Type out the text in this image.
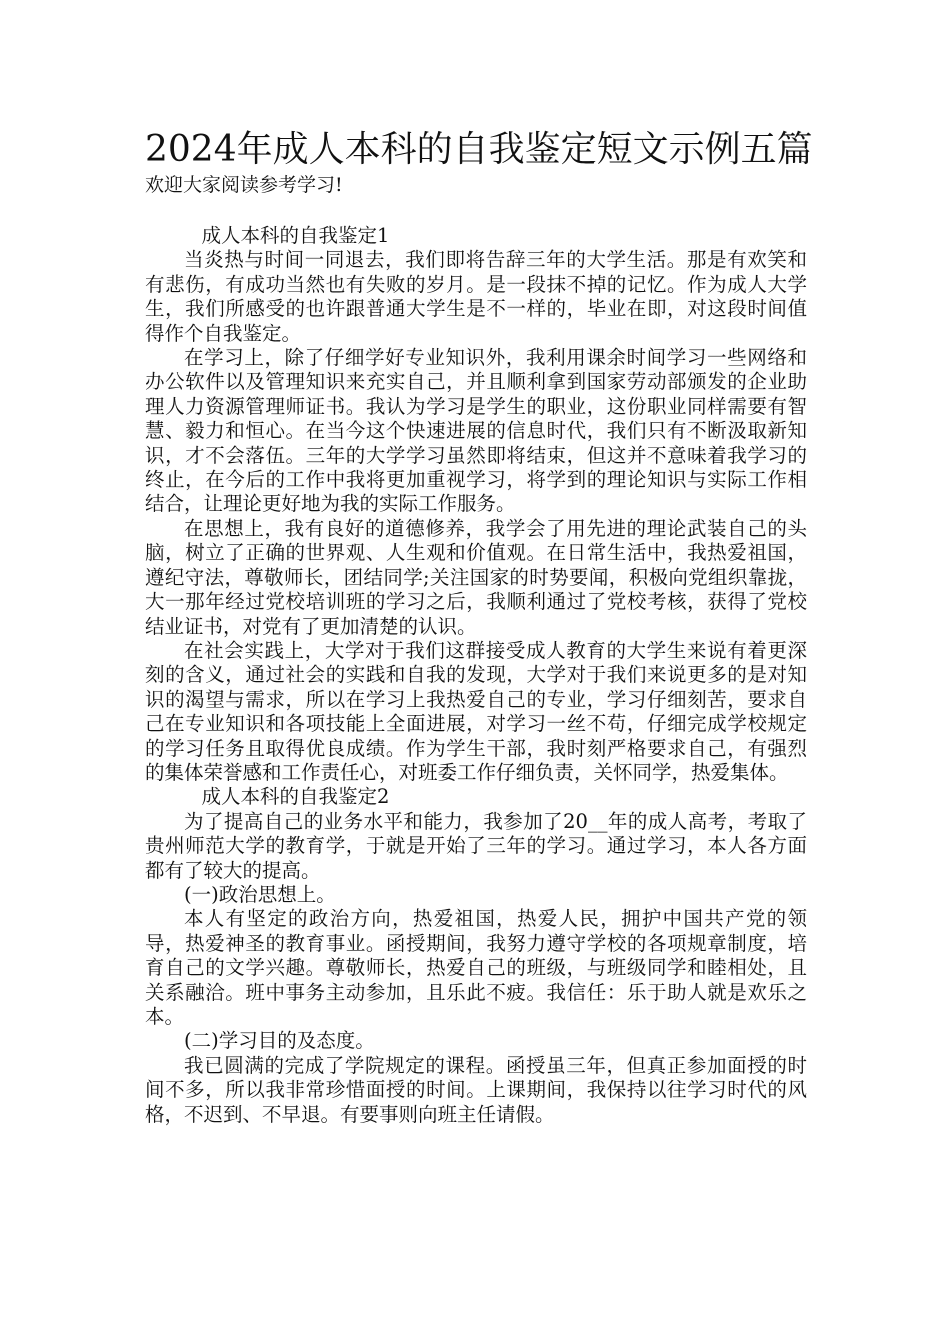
2024年成人本科的自我鉴定短文示例五篇
欢迎大家阅读参考学习!

成人本科的自我鉴定1

当炎热与时间一同退去，我们即将告辞三年的大学生活。那是有欢笑和有悲伤，有成功当然也有失败的岁月。是一段抹不掉的记忆。作为成人大学生，我们所感受的也许跟普通大学生是不一样的，毕业在即，对这段时间值得作个自我鉴定。

在学习上，除了仔细学好专业知识外，我利用课余时间学习一些网络和办公软件以及管理知识来充实自己，并且顺利拿到国家劳动部颁发的企业助理人力资源管理师证书。我认为学习是学生的职业，这份职业同样需要有智慧、毅力和恒心。在当今这个快速进展的信息时代，我们只有不断汲取新知识，才不会落伍。三年的大学学习虽然即将结束，但这并不意味着我学习的终止，在今后的工作中我将更加重视学习，将学到的理论知识与实际工作相结合，让理论更好地为我的实际工作服务。

在思想上，我有良好的道德修养，我学会了用先进的理论武装自己的头脑，树立了正确的世界观、人生观和价值观。在日常生活中，我热爱祖国，遵纪守法，尊敬师长，团结同学;关注国家的时势要闻，积极向党组织靠拢，大一那年经过党校培训班的学习之后，我顺利通过了党校考核，获得了党校结业证书，对党有了更加清楚的认识。

在社会实践上，大学对于我们这群接受成人教育的大学生来说有着更深刻的含义，通过社会的实践和自我的发现，大学对于我们来说更多的是对知识的渴望与需求，所以在学习上我热爱自己的专业，学习仔细刻苦，要求自己在专业知识和各项技能上全面进展，对学习一丝不苟，仔细完成学校规定的学习任务且取得优良成绩。作为学生干部，我时刻严格要求自己，有强烈的集体荣誉感和工作责任心，对班委工作仔细负责，关怀同学，热爱集体。

成人本科的自我鉴定2

为了提高自己的业务水平和能力，我参加了20__年的成人高考，考取了贵州师范大学的教育学，于就是开始了三年的学习。通过学习，本人各方面都有了较大的提高。

(一)政治思想上。

本人有坚定的政治方向，热爱祖国，热爱人民，拥护中国共产党的领导，热爱神圣的教育事业。函授期间，我努力遵守学校的各项规章制度，培育自己的文学兴趣。尊敬师长，热爱自己的班级，与班级同学和睦相处，且关系融洽。班中事务主动参加，且乐此不疲。我信任：乐于助人就是欢乐之本。

(二)学习目的及态度。

我已圆满的完成了学院规定的课程。函授虽三年，但真正参加面授的时间不多，所以我非常珍惜面授的时间。上课期间，我保持以往学习时代的风格，不迟到、不早退。有要事则向班主任请假。
